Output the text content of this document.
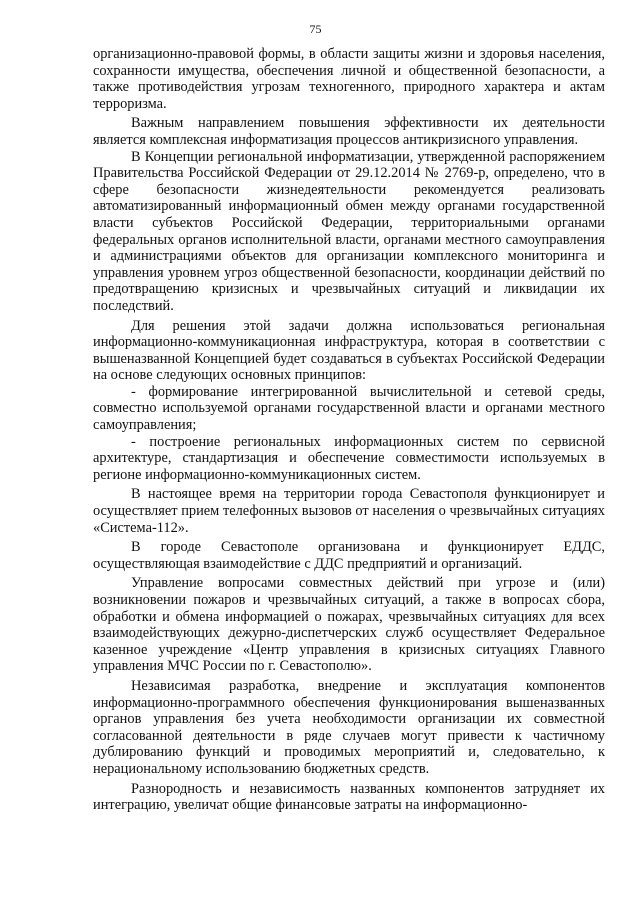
75

организационно-правовой формы, в области защиты жизни и здоровья населения, сохранности имущества, обеспечения личной и общественной безопасности, а также противодействия угрозам техногенного, природного характера и актам терроризма.

Важным направлением повышения эффективности их деятельности является комплексная информатизация процессов антикризисного управления.

В Концепции региональной информатизации, утвержденной распоряжением Правительства Российской Федерации от 29.12.2014 № 2769-р, определено, что в сфере безопасности жизнедеятельности рекомендуется реализовать автоматизированный информационный обмен между органами государственной власти субъектов Российской Федерации, территориальными органами федеральных органов исполнительной власти, органами местного самоуправления и администрациями объектов для организации комплексного мониторинга и управления уровнем угроз общественной безопасности, координации действий по предотвращению кризисных и чрезвычайных ситуаций и ликвидации их последствий.

Для решения этой задачи должна использоваться региональная информационно-коммуникационная инфраструктура, которая в соответствии с вышеназванной Концепцией будет создаваться в субъектах Российской Федерации на основе следующих основных принципов:

- формирование интегрированной вычислительной и сетевой среды, совместно используемой органами государственной власти и органами местного самоуправления;

- построение региональных информационных систем по сервисной архитектуре, стандартизация и обеспечение совместимости используемых в регионе информационно-коммуникационных систем.

В настоящее время на территории города Севастополя функционирует и осуществляет прием телефонных вызовов от населения о чрезвычайных ситуациях «Система-112».

В городе Севастополе организована и функционирует ЕДДС, осуществляющая взаимодействие с ДДС предприятий и организаций.

Управление вопросами совместных действий при угрозе и (или) возникновении пожаров и чрезвычайных ситуаций, а также в вопросах сбора, обработки и обмена информацией о пожарах, чрезвычайных ситуациях для всех взаимодействующих дежурно-диспетчерских служб осуществляет Федеральное казенное учреждение «Центр управления в кризисных ситуациях Главного управления МЧС России по г. Севастополю».

Независимая разработка, внедрение и эксплуатация компонентов информационно-программного обеспечения функционирования вышеназванных органов управления без учета необходимости организации их совместной согласованной деятельности в ряде случаев могут привести к частичному дублированию функций и проводимых мероприятий и, следовательно, к нерациональному использованию бюджетных средств.

Разнородность и независимость названных компонентов затрудняет их интеграцию, увеличат общие финансовые затраты на информационно-
